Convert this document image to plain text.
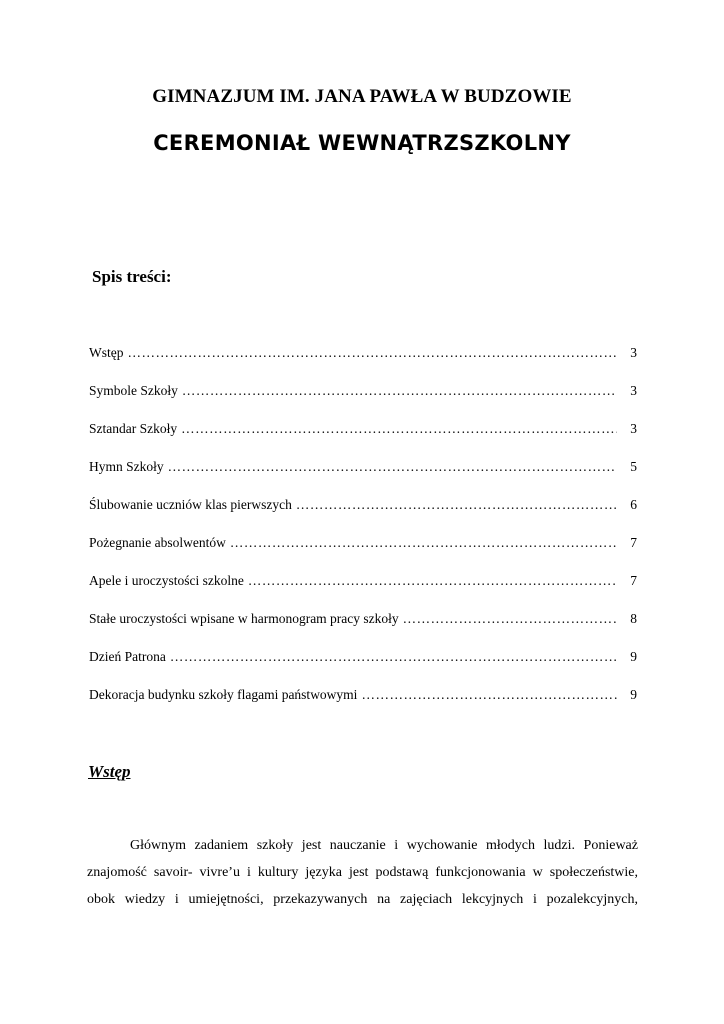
GIMNAZJUM IM. JANA PAWŁA W BUDZOWIE
CEREMONIAŁ WEWNĄTRZSZKOLNY
Spis treści:
Wstęp …………………………………………………………………………………………………………………………………………………………………………	3
Symbole Szkoły …………………………………………………………………………………………………………………………………………………………………………	3
Sztandar Szkoły …………………………………………………………………………………………………………………………………………………………………………	3
Hymn Szkoły …………………………………………………………………………………………………………………………………………………………………………	5
Ślubowanie uczniów klas pierwszych …………………………………………………………………………………………………………………………………………………………………………	6
Pożegnanie absolwentów …………………………………………………………………………………………………………………………………………………………………………	7
Apele i uroczystości szkolne …………………………………………………………………………………………………………………………………………………………………………	7
Stałe uroczystości wpisane w harmonogram pracy szkoły …………………………………………………………………………………………………………………………………………………………………………	8
Dzień Patrona …………………………………………………………………………………………………………………………………………………………………………	9
Dekoracja budynku szkoły flagami państwowymi …………………………………………………………………………………………………………………………………………………………………………	9
Wstęp
Głównym zadaniem szkoły jest nauczanie i wychowanie młodych ludzi. Ponieważ
znajomość savoir- vivre’u i kultury języka jest podstawą funkcjonowania w społeczeństwie,
obok wiedzy i umiejętności, przekazywanych na zajęciach lekcyjnych i pozalekcyjnych,
